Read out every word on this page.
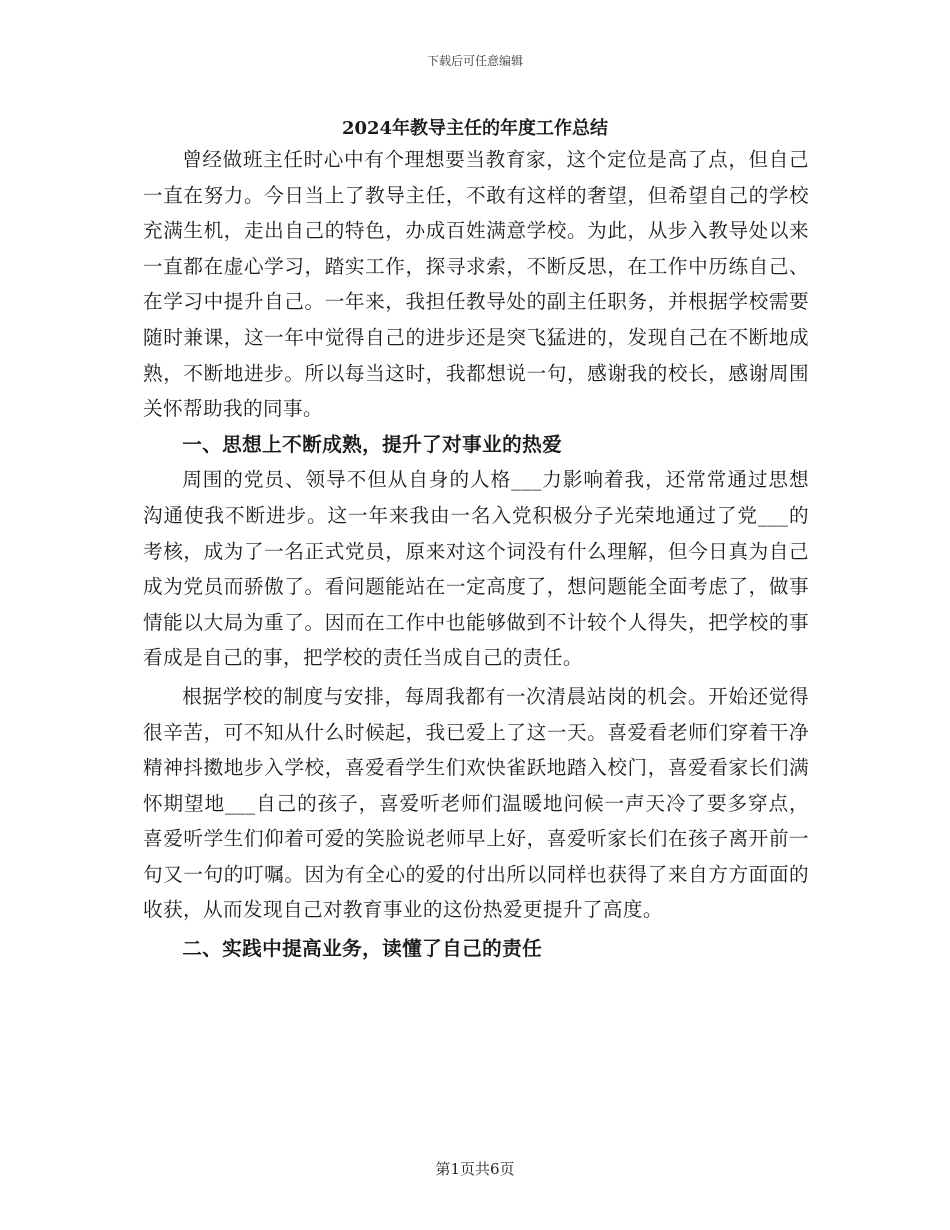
下载后可任意编辑
2024年教导主任的年度工作总结

曾经做班主任时心中有个理想要当教育家，这个定位是高了点，但自己一直在努力。今日当上了教导主任，不敢有这样的奢望，但希望自己的学校充满生机，走出自己的特色，办成百姓满意学校。为此，从步入教导处以来一直都在虚心学习，踏实工作，探寻求索，不断反思，在工作中历练自己、在学习中提升自己。一年来，我担任教导处的副主任职务，并根据学校需要随时兼课，这一年中觉得自己的进步还是突飞猛进的，发现自己在不断地成熟，不断地进步。所以每当这时，我都想说一句，感谢我的校长，感谢周围关怀帮助我的同事。

一、思想上不断成熟，提升了对事业的热爱

周围的党员、领导不但从自身的人格___力影响着我，还常常通过思想沟通使我不断进步。这一年来我由一名入党积极分子光荣地通过了党___的考核，成为了一名正式党员，原来对这个词没有什么理解，但今日真为自己成为党员而骄傲了。看问题能站在一定高度了，想问题能全面考虑了，做事情能以大局为重了。因而在工作中也能够做到不计较个人得失，把学校的事看成是自己的事，把学校的责任当成自己的责任。

根据学校的制度与安排，每周我都有一次清晨站岗的机会。开始还觉得很辛苦，可不知从什么时候起，我已爱上了这一天。喜爱看老师们穿着干净精神抖擞地步入学校，喜爱看学生们欢快雀跃地踏入校门，喜爱看家长们满怀期望地___自己的孩子，喜爱听老师们温暖地问候一声天冷了要多穿点，喜爱听学生们仰着可爱的笑脸说老师早上好，喜爱听家长们在孩子离开前一句又一句的叮嘱。因为有全心的爱的付出所以同样也获得了来自方方面面的收获，从而发现自己对教育事业的这份热爱更提升了高度。

二、实践中提高业务，读懂了自己的责任

第1页共6页
